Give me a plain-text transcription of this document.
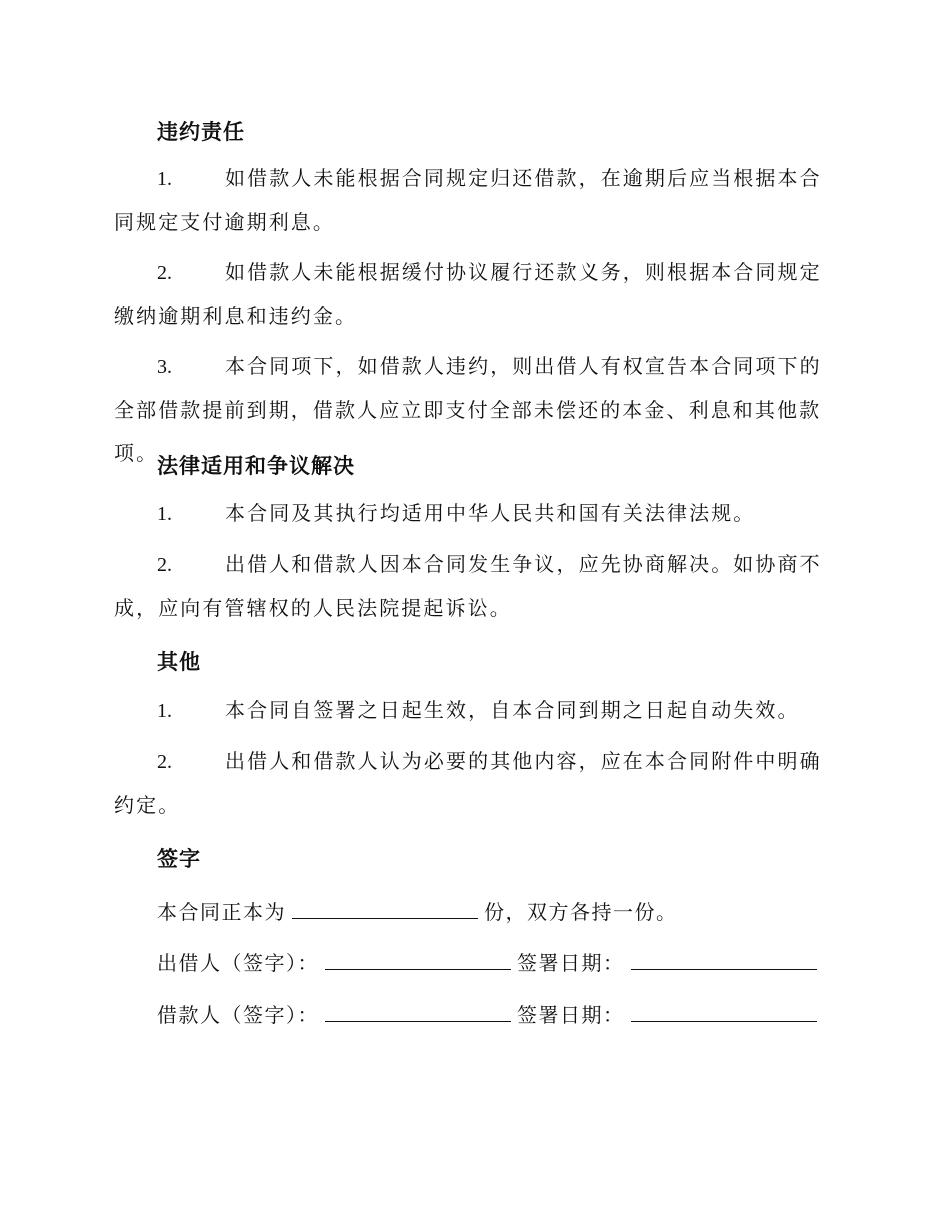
违约责任
1.	如借款人未能根据合同规定归还借款，在逾期后应当根据本合同规定支付逾期利息。
2.	如借款人未能根据缓付协议履行还款义务，则根据本合同规定缴纳逾期利息和违约金。
3.	本合同项下，如借款人违约，则出借人有权宣告本合同项下的全部借款提前到期，借款人应立即支付全部未偿还的本金、利息和其他款项。
法律适用和争议解决
1.	本合同及其执行均适用中华人民共和国有关法律法规。
2.	出借人和借款人因本合同发生争议，应先协商解决。如协商不成，应向有管辖权的人民法院提起诉讼。
其他
1.	本合同自签署之日起生效，自本合同到期之日起自动失效。
2.	出借人和借款人认为必要的其他内容，应在本合同附件中明确约定。
签字
本合同正本为	份，双方各持一份。
出借人（签字）：	签署日期：
借款人（签字）：	签署日期：
